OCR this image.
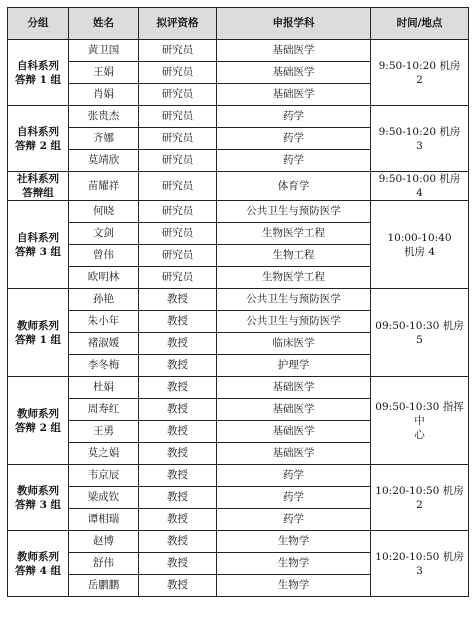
分组	姓名	拟评资格	申报学科	时间/地点

自科系列
答辩 1 组	黄卫国	研究员	基础医学	9:50-10:20 机房 2

	王娟	研究员	基础医学	
	肖娟	研究员	基础医学	

自科系列
答辩 2 组	张贵杰	研究员	药学	9:50-10:20 机房 3

	齐娜	研究员	药学	
	莫靖欣	研究员	药学	

社科系列
答辩组	苗耀祥	研究员	体育学	9:50-10:00 机房 4

自科系列
答辩 3 组	何晓	研究员	公共卫生与预防医学	10:00-10:40
机房 4

	文剑	研究员	生物医学工程	
	曾伟	研究员	生物工程	
	欧明林	研究员	生物医学工程	

教师系列
答辩 1 组	孙艳	教授	公共卫生与预防医学	09:50-10:30 机房 5

	朱小年	教授	公共卫生与预防医学	
	褚淑媛	教授	临床医学	
	李冬梅	教授	护理学	

教师系列
答辩 2 组	杜娟	教授	基础医学	09:50-10:30 指挥中
心

	周寿红	教授	基础医学	
	王勇	教授	基础医学	
	莫之娟	教授	基础医学	

教师系列
答辩 3 组	韦京辰	教授	药学	10:20-10:50 机房 2

	梁成钦	教授	药学	
	谭相瑞	教授	药学	

教师系列
答辩 4 组	赵博	教授	生物学	10:20-10:50 机房 3

	舒伟	教授	生物学	
	岳鹏鹏	教授	生物学	
